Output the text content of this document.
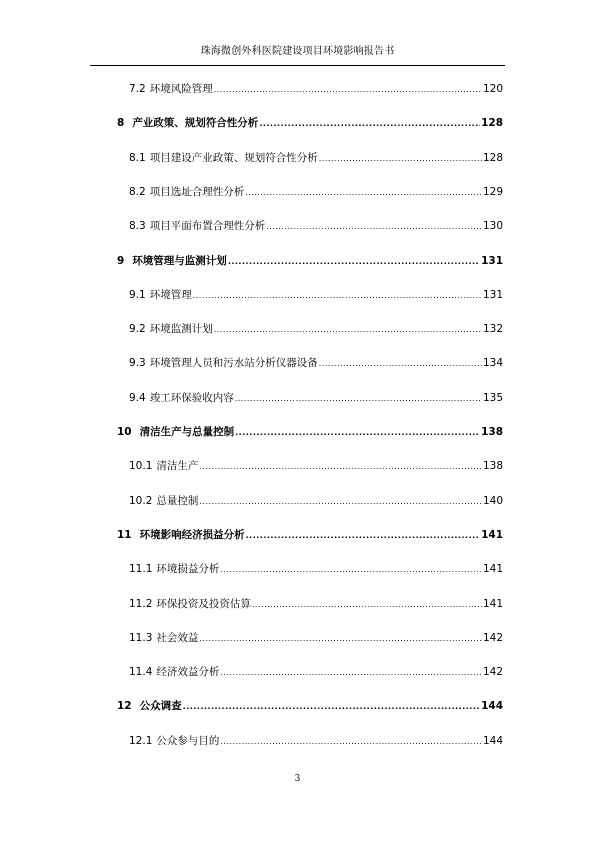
珠海微创外科医院建设项目环境影响报告书
7.2 环境风险管理 .....	120
8 产业政策、规划符合性分析 .....	128
8.1 项目建设产业政策、规划符合性分析 .....	128
8.2 项目选址合理性分析 .....	129
8.3 项目平面布置合理性分析 .....	130
9 环境管理与监测计划 .....	131
9.1 环境管理 .....	131
9.2 环境监测计划 .....	132
9.3 环境管理人员和污水站分析仪器设备 .....	134
9.4 竣工环保验收内容 .....	135
10 清洁生产与总量控制 .....	138
10.1 清洁生产 .....	138
10.2 总量控制 .....	140
11 环境影响经济损益分析 .....	141
11.1 环境损益分析 .....	141
11.2 环保投资及投资估算 .....	141
11.3 社会效益 .....	142
11.4 经济效益分析 .....	142
12 公众调查 .....	144
12.1 公众参与目的 .....	144
3
